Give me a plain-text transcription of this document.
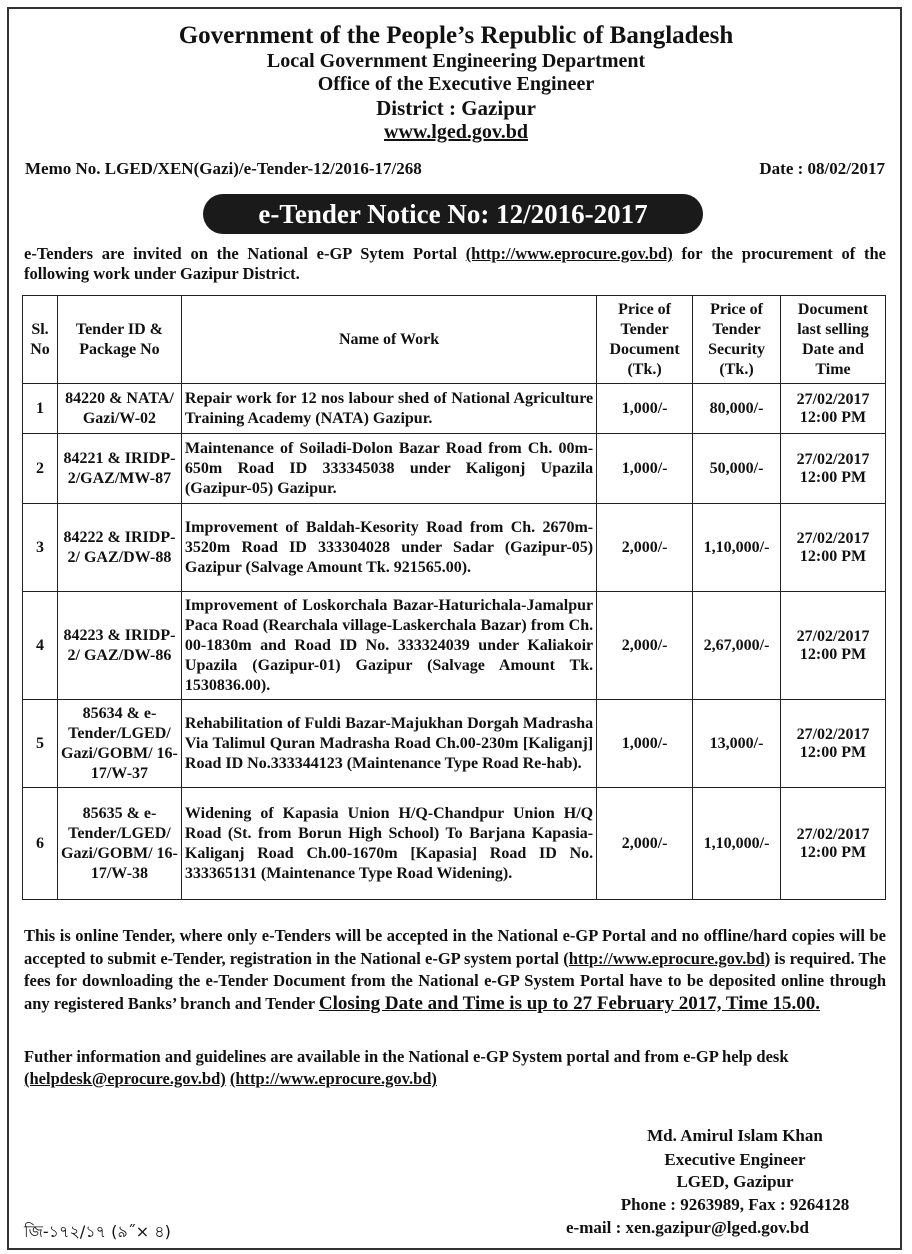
Government of the People’s Republic of Bangladesh
Local Government Engineering Department
Office of the Executive Engineer
District : Gazipur
www.lged.gov.bd
Memo No. LGED/XEN(Gazi)/e-Tender-12/2016-17/268	Date : 08/02/2017
e-Tender Notice No: 12/2016-2017
e-Tenders are invited on the National e-GP Sytem Portal (http://www.eprocure.gov.bd) for the procurement of the following work under Gazipur District.
Sl. No	Tender ID & Package No	Name of Work	Price of Tender Document (Tk.)	Price of Tender Security (Tk.)	Document last selling Date and Time
1	84220 & NATA/ Gazi/W-02	Repair work for 12 nos labour shed of National Agriculture Training Academy (NATA) Gazipur.	1,000/-	80,000/-	27/02/2017
12:00 PM
2	84221 & IRIDP- 2/GAZ/MW-87	Maintenance of Soiladi-Dolon Bazar Road from Ch. 00m-650m Road ID 333345038 under Kaligonj Upazila (Gazipur-05) Gazipur.	1,000/-	50,000/-	27/02/2017
12:00 PM
3	84222 & IRIDP-2/ GAZ/DW-88	Improvement of Baldah-Kesority Road from Ch. 2670m-3520m Road ID 333304028 under Sadar (Gazipur-05) Gazipur (Salvage Amount Tk. 921565.00).	2,000/-	1,10,000/-	27/02/2017
12:00 PM
4	84223 & IRIDP-2/ GAZ/DW-86	Improvement of Loskorchala Bazar-Haturichala-Jamalpur Paca Road (Rearchala village-Laskerchala Bazar) from Ch. 00-1830m and Road ID No. 333324039 under Kaliakoir Upazila (Gazipur-01) Gazipur (Salvage Amount Tk. 1530836.00).	2,000/-	2,67,000/-	27/02/2017
12:00 PM
5	85634 & e- Tender/LGED/ Gazi/GOBM/ 16-17/W-37	Rehabilitation of Fuldi Bazar-Majukhan Dorgah Madrasha Via Talimul Quran Madrasha Road Ch.00-230m [Kaliganj] Road ID No.333344123 (Maintenance Type Road Re-hab).	1,000/-	13,000/-	27/02/2017
12:00 PM
6	85635 & e- Tender/LGED/ Gazi/GOBM/ 16-17/W-38	Widening of Kapasia Union H/Q-Chandpur Union H/Q Road (St. from Borun High School) To Barjana Kapasia-Kaliganj Road Ch.00-1670m [Kapasia] Road ID No. 333365131 (Maintenance Type Road Widening).	2,000/-	1,10,000/-	27/02/2017
12:00 PM
This is online Tender, where only e-Tenders will be accepted in the National e-GP Portal and no offline/hard copies will be accepted to submit e-Tender, registration in the National e-GP system portal (http://www.eprocure.gov.bd) is required. The fees for downloading the e-Tender Document from the National e-GP System Portal have to be deposited online through any registered Banks’ branch and Tender Closing Date and Time is up to 27 February 2017, Time 15.00.
Futher information and guidelines are available in the National e-GP System portal and from e-GP help desk (helpdesk@eprocure.gov.bd) (http://www.eprocure.gov.bd)
Md. Amirul Islam Khan
Executive Engineer
LGED, Gazipur
Phone : 9263989, Fax : 9264128
e-mail : xen.gazipur@lged.gov.bd
জি-১৭২/১৭ (৯˝× ৪)
